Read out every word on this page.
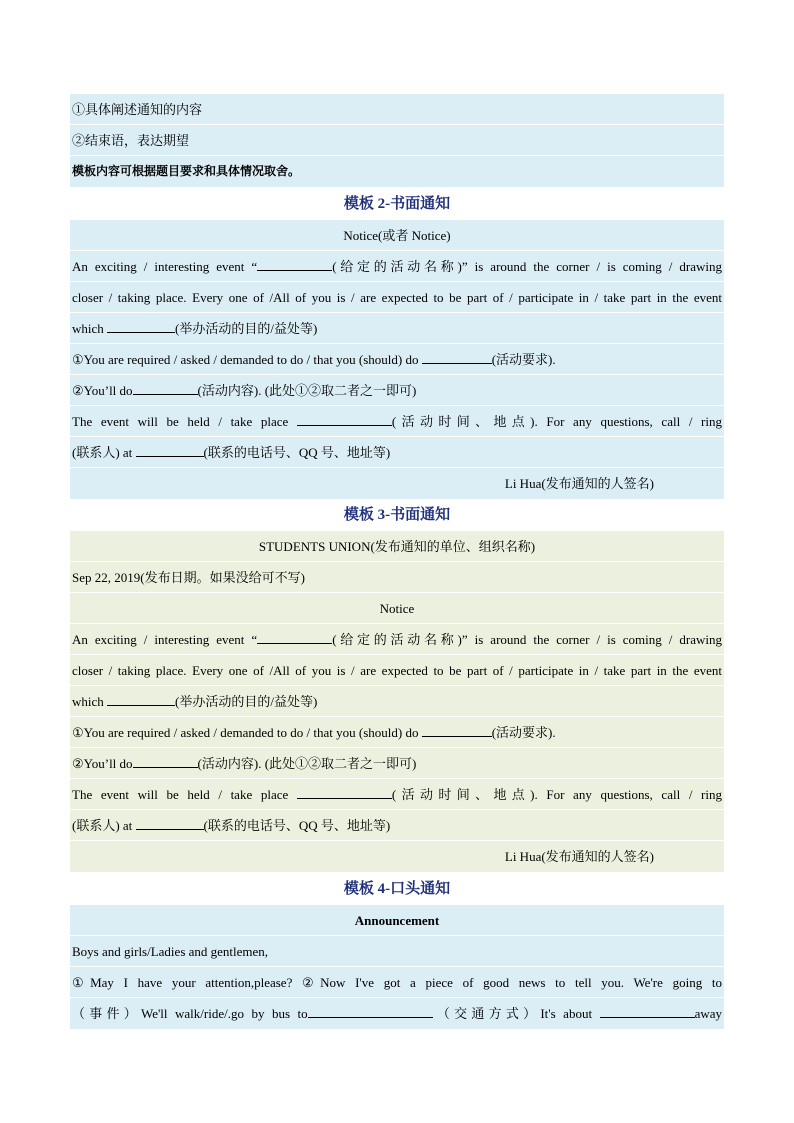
①具体阐述通知的内容
②结束语，表达期望
模板内容可根据题目要求和具体情况取舍。
模板 2-书面通知
Notice(或者 Notice)
An exciting / interesting event “	(给定的活动名称)” is around the corner / is coming / drawing
closer / taking place. Every one of /All of you is / are expected to be part of / participate in / take part in the event
which	(举办活动的目的/益处等)
①You are required / asked / demanded to do / that you (should) do	(活动要求).
②You’ll do	(活动内容). (此处①②取二者之一即可)
The event will be held / take place	(活动时间、地点). For any questions, call / ring
(联系人) at	(联系的电话号、QQ 号、地址等)
Li Hua(发布通知的人签名)
模板 3-书面通知
STUDENTS UNION(发布通知的单位、组织名称)
Sep 22, 2019(发布日期。如果没给可不写)
Notice
An exciting / interesting event “	(给定的活动名称)” is around the corner / is coming / drawing
closer / taking place. Every one of /All of you is / are expected to be part of / participate in / take part in the event
which	(举办活动的目的/益处等)
①You are required / asked / demanded to do / that you (should) do	(活动要求).
②You’ll do	(活动内容). (此处①②取二者之一即可)
The event will be held / take place	(活动时间、地点). For any questions, call / ring
(联系人) at	(联系的电话号、QQ 号、地址等)
Li Hua(发布通知的人签名)
模板 4-口头通知
Announcement
Boys and girls/Ladies and gentlemen,
①May I have your attention,please? ②Now I've got a piece of good news to tell you. We're going to
（事件）We'll walk/ride/.go by bus to	（交通方式）It's about	away
